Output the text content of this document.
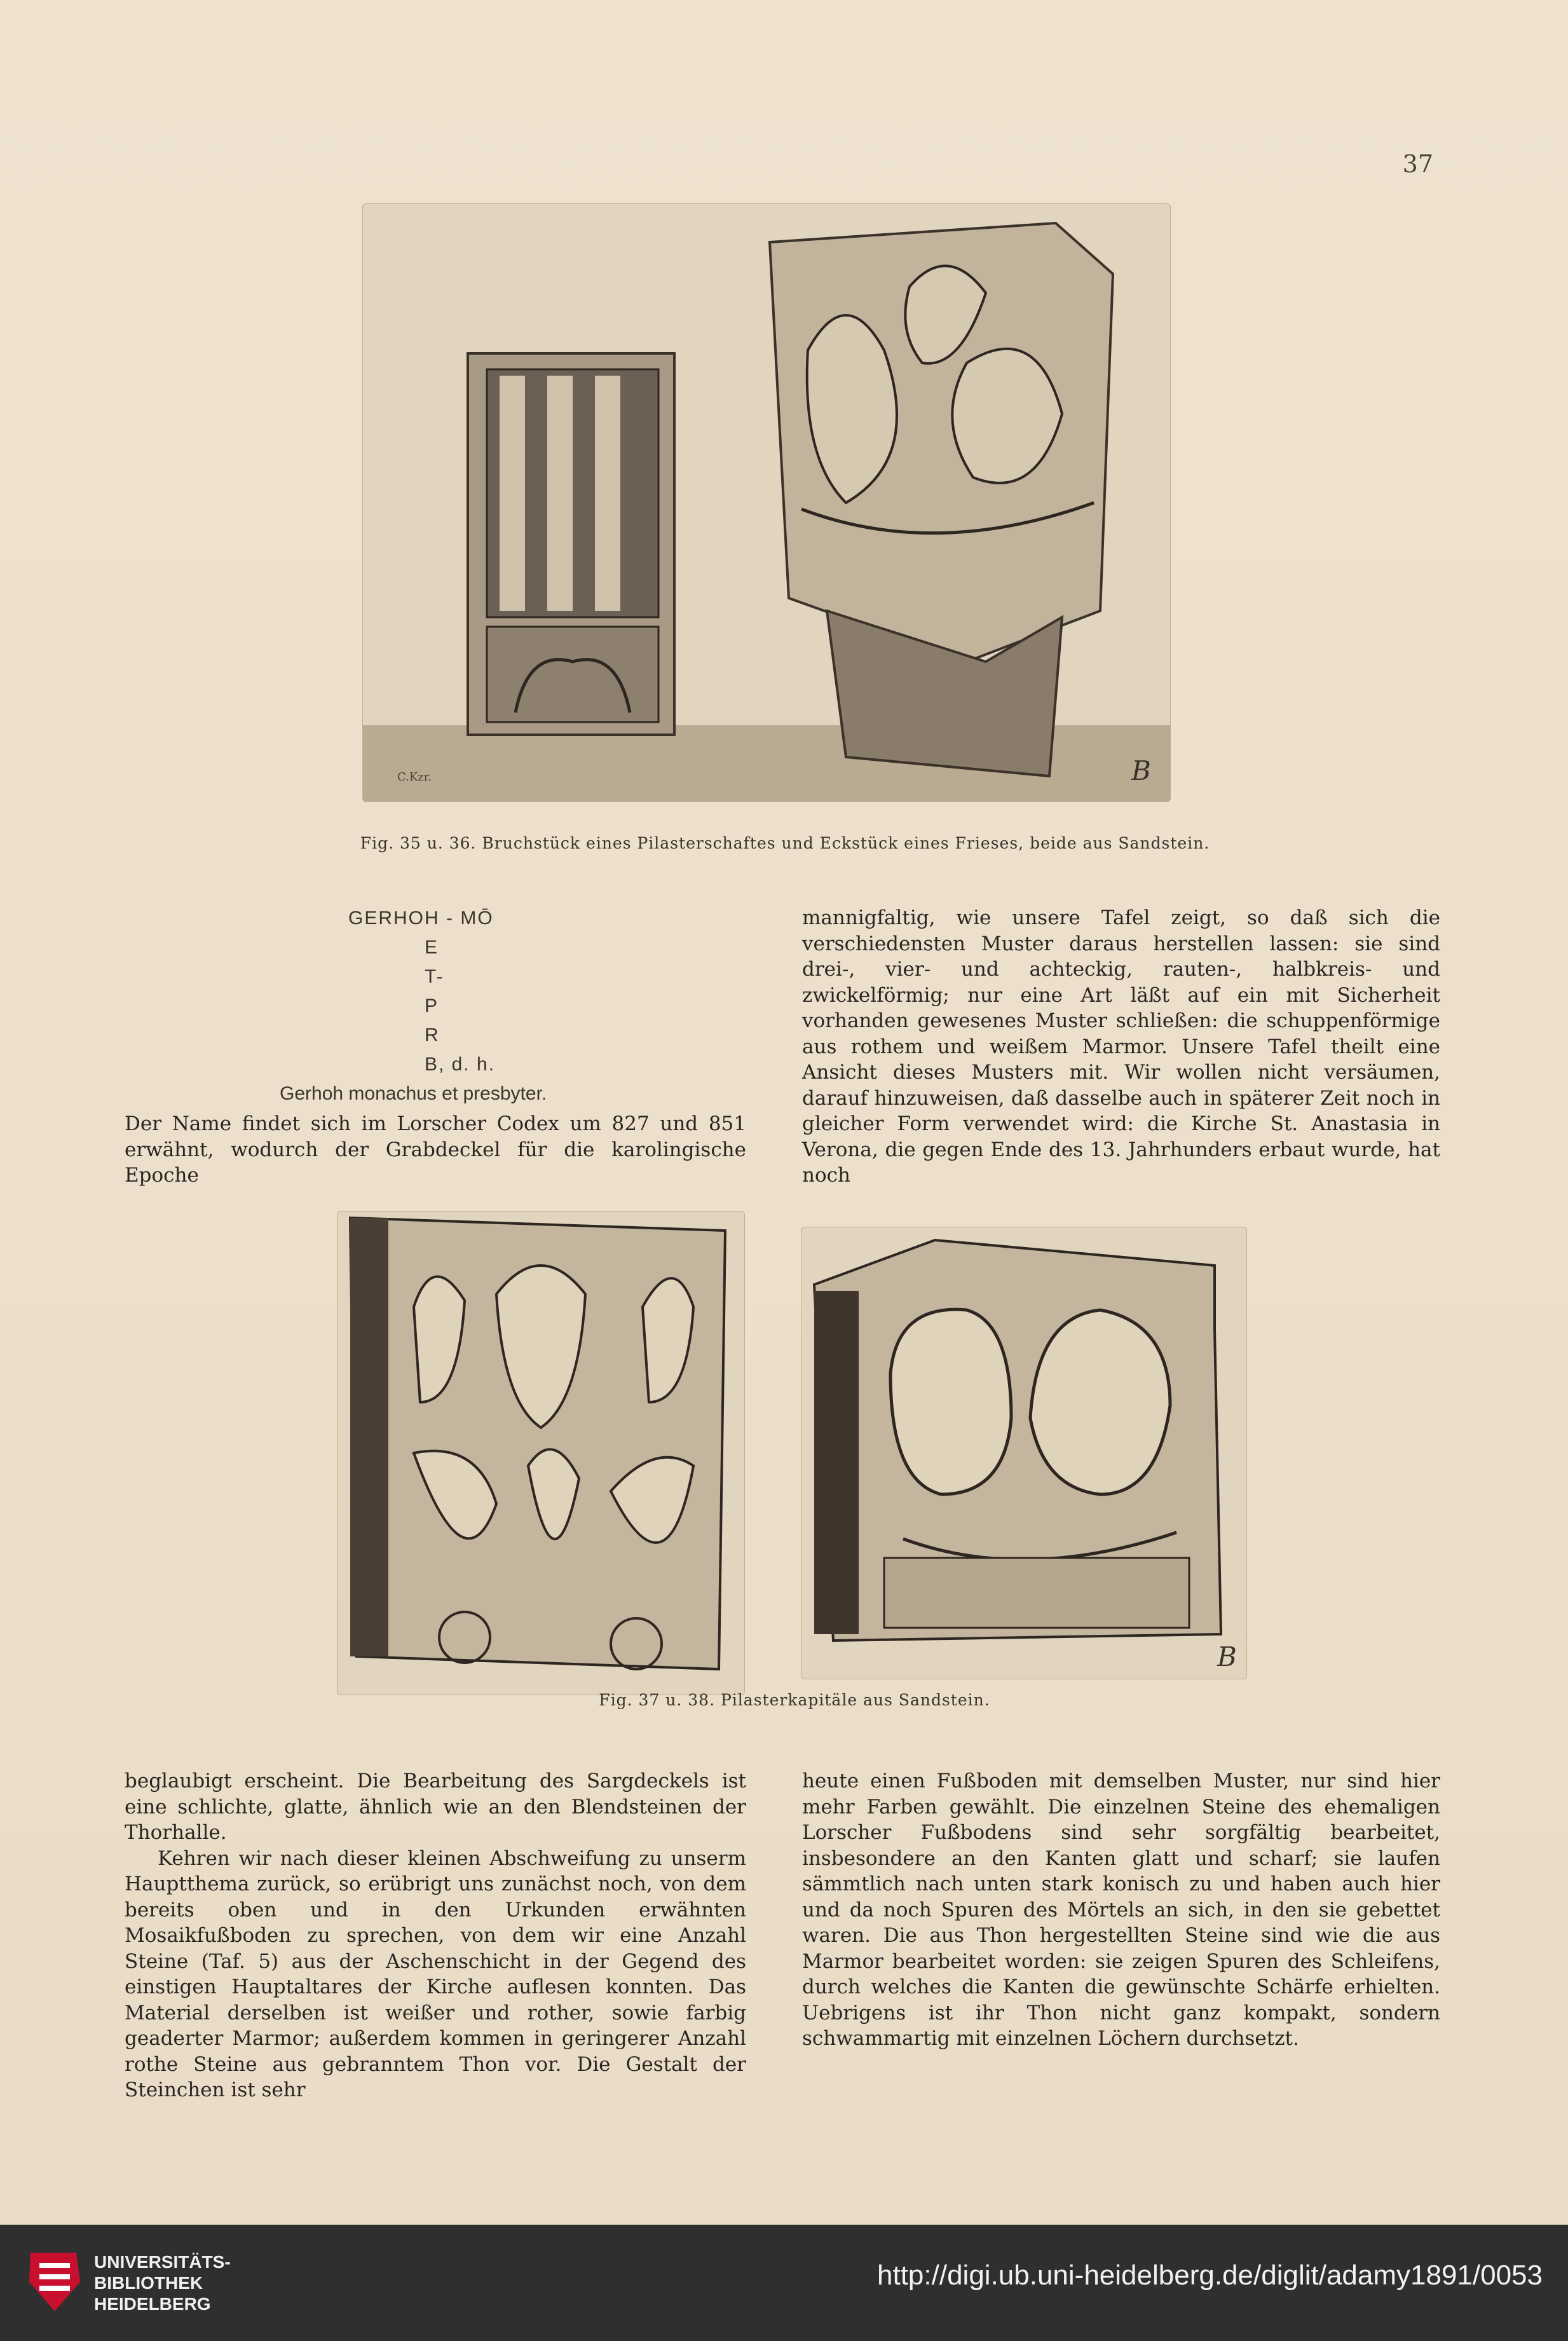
37
C.Kzr.	B
Fig. 35 u. 36. Bruchstück eines Pilasterschaftes und Eckstück eines Frieses, beide aus Sandstein.
GERHOH - MŌ
E
T-
P
R
B, d. h.
Gerhoh monachus et presbyter.

Der Name findet sich im Lorscher Codex um 827 und 851 erwähnt, wodurch der Grabdeckel für die karolingische Epoche

mannigfaltig, wie unsere Tafel zeigt, so daß sich die verschiedensten Muster daraus herstellen lassen: sie sind drei-, vier- und achteckig, rauten-, halbkreis- und zwickelförmig; nur eine Art läßt auf ein mit Sicherheit vorhanden gewesenes Muster schließen: die schuppenförmige aus rothem und weißem Marmor. Unsere Tafel theilt eine Ansicht dieses Musters mit. Wir wollen nicht versäumen, darauf hinzuweisen, daß dasselbe auch in späterer Zeit noch in gleicher Form verwendet wird: die Kirche St. Anastasia in Verona, die gegen Ende des 13. Jahrhunders erbaut wurde, hat noch

B
Fig. 37 u. 38. Pilasterkapitäle aus Sandstein.

beglaubigt erscheint. Die Bearbeitung des Sargdeckels ist eine schlichte, glatte, ähnlich wie an den Blendsteinen der Thorhalle.

Kehren wir nach dieser kleinen Abschweifung zu unserm Hauptthema zurück, so erübrigt uns zunächst noch, von dem bereits oben und in den Urkunden erwähnten Mosaikfußboden zu sprechen, von dem wir eine Anzahl Steine (Taf. 5) aus der Aschenschicht in der Gegend des einstigen Hauptaltares der Kirche auflesen konnten. Das Material derselben ist weißer und rother, sowie farbig geaderter Marmor; außerdem kommen in geringerer Anzahl rothe Steine aus gebranntem Thon vor. Die Gestalt der Steinchen ist sehr

heute einen Fußboden mit demselben Muster, nur sind hier mehr Farben gewählt. Die einzelnen Steine des ehemaligen Lorscher Fußbodens sind sehr sorgfältig bearbeitet, insbesondere an den Kanten glatt und scharf; sie laufen sämmtlich nach unten stark konisch zu und haben auch hier und da noch Spuren des Mörtels an sich, in den sie gebettet waren. Die aus Thon hergestellten Steine sind wie die aus Marmor bearbeitet worden: sie zeigen Spuren des Schleifens, durch welches die Kanten die gewünschte Schärfe erhielten. Uebrigens ist ihr Thon nicht ganz kompakt, sondern schwammartig mit einzelnen Löchern durchsetzt.

UNIVERSITÄTS-
BIBLIOTHEK
HEIDELBERG
http://digi.ub.uni-heidelberg.de/diglit/adamy1891/0053
